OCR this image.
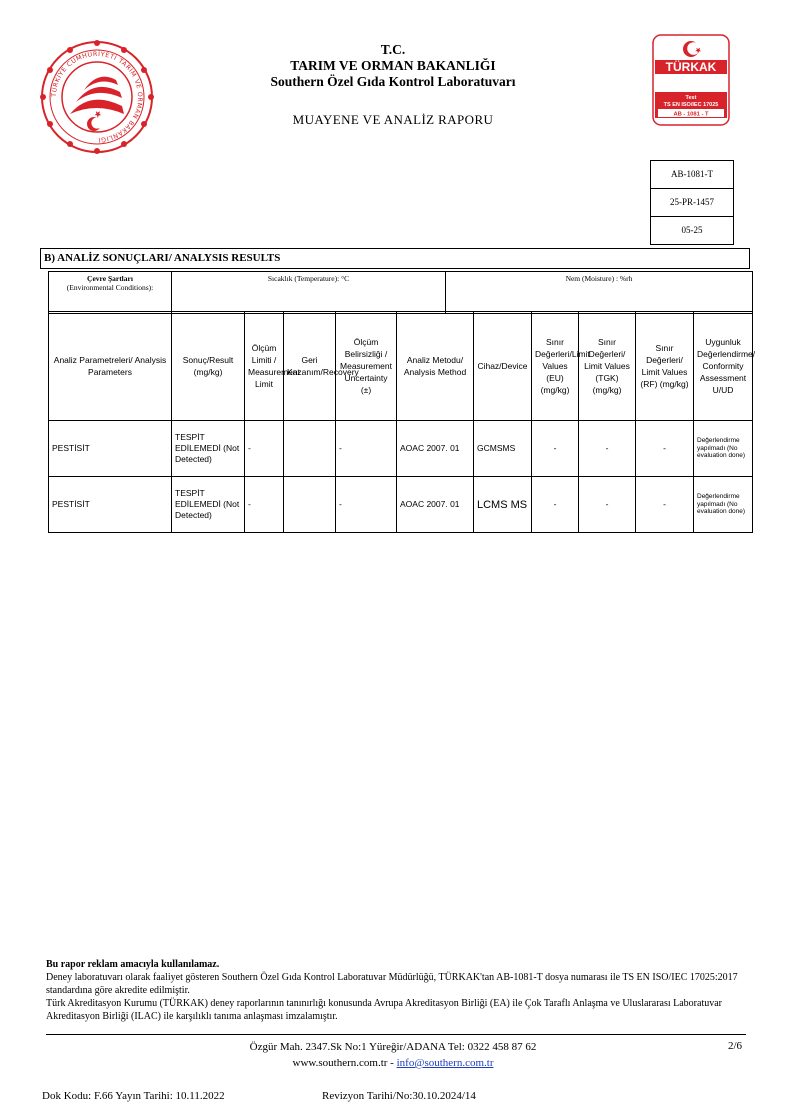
TÜRKİYE CUMHURİYETİ TARIM VE ORMAN BAKANLIĞI
TÜRKAK
Test
TS EN ISO/IEC 17025
AB - 1081 - T
T.C.
TARIM VE ORMAN BAKANLIĞI
Southern Özel Gıda Kontrol Laboratuvarı
MUAYENE VE ANALİZ RAPORU
AB-1081-T
25-PR-1457
05-25
B) ANALİZ SONUÇLARI/ ANALYSIS RESULTS
Çevre Şartları
(Environmental Conditions):	Sıcaklık (Temperature): °C	Nem (Moisture) : %rh
Analiz Parametreleri/ Analysis Parameters	Sonuç/Result (mg/kg)	Ölçüm Limiti / Measurement Limit	Geri Kazanım/Recovery	Ölçüm Belirsizliği / Measurement Uncertainty (±)	Analiz Metodu/ Analysis Method	Cihaz/Device	Sınır Değerleri/Limit Values (EU) (mg/kg)	Sınır Değerleri/ Limit Values (TGK) (mg/kg)	Sınır Değerleri/ Limit Values (RF) (mg/kg)	Uygunluk Değerlendirme/ Conformity Assessment U/UD
PESTİSİT	TESPİT EDİLEMEDİ (Not Detected)	-		-	AOAC 2007. 01	GCMSMS	-	-	-	Değerlendirme yapılmadı (No evaluation done)
PESTİSİT	TESPİT EDİLEMEDİ (Not Detected)	-		-	AOAC 2007. 01	LCMS MS	-	-	-	Değerlendirme yapılmadı (No evaluation done)
Bu rapor reklam amacıyla kullanılamaz.
Deney laboratuvarı olarak faaliyet gösteren Southern Özel Gıda Kontrol Laboratuvar Müdürlüğü, TÜRKAK'tan AB-1081-T dosya numarası ile TS EN ISO/IEC 17025:2017 standardına göre akredite edilmiştir.
Türk Akreditasyon Kurumu (TÜRKAK) deney raporlarının tanınırlığı konusunda Avrupa Akreditasyon Birliği (EA) ile Çok Taraflı Anlaşma ve Uluslararası Laboratuvar Akreditasyon Birliği (ILAC) ile karşılıklı tanıma anlaşması imzalamıştır.
Özgür Mah. 2347.Sk No:1 Yüreğir/ADANA Tel: 0322 458 87 62
www.southern.com.tr - info@southern.com.tr
2/6
Dok Kodu: F.66 Yayın Tarihi: 10.11.2022	Revizyon Tarihi/No:30.10.2024/14
